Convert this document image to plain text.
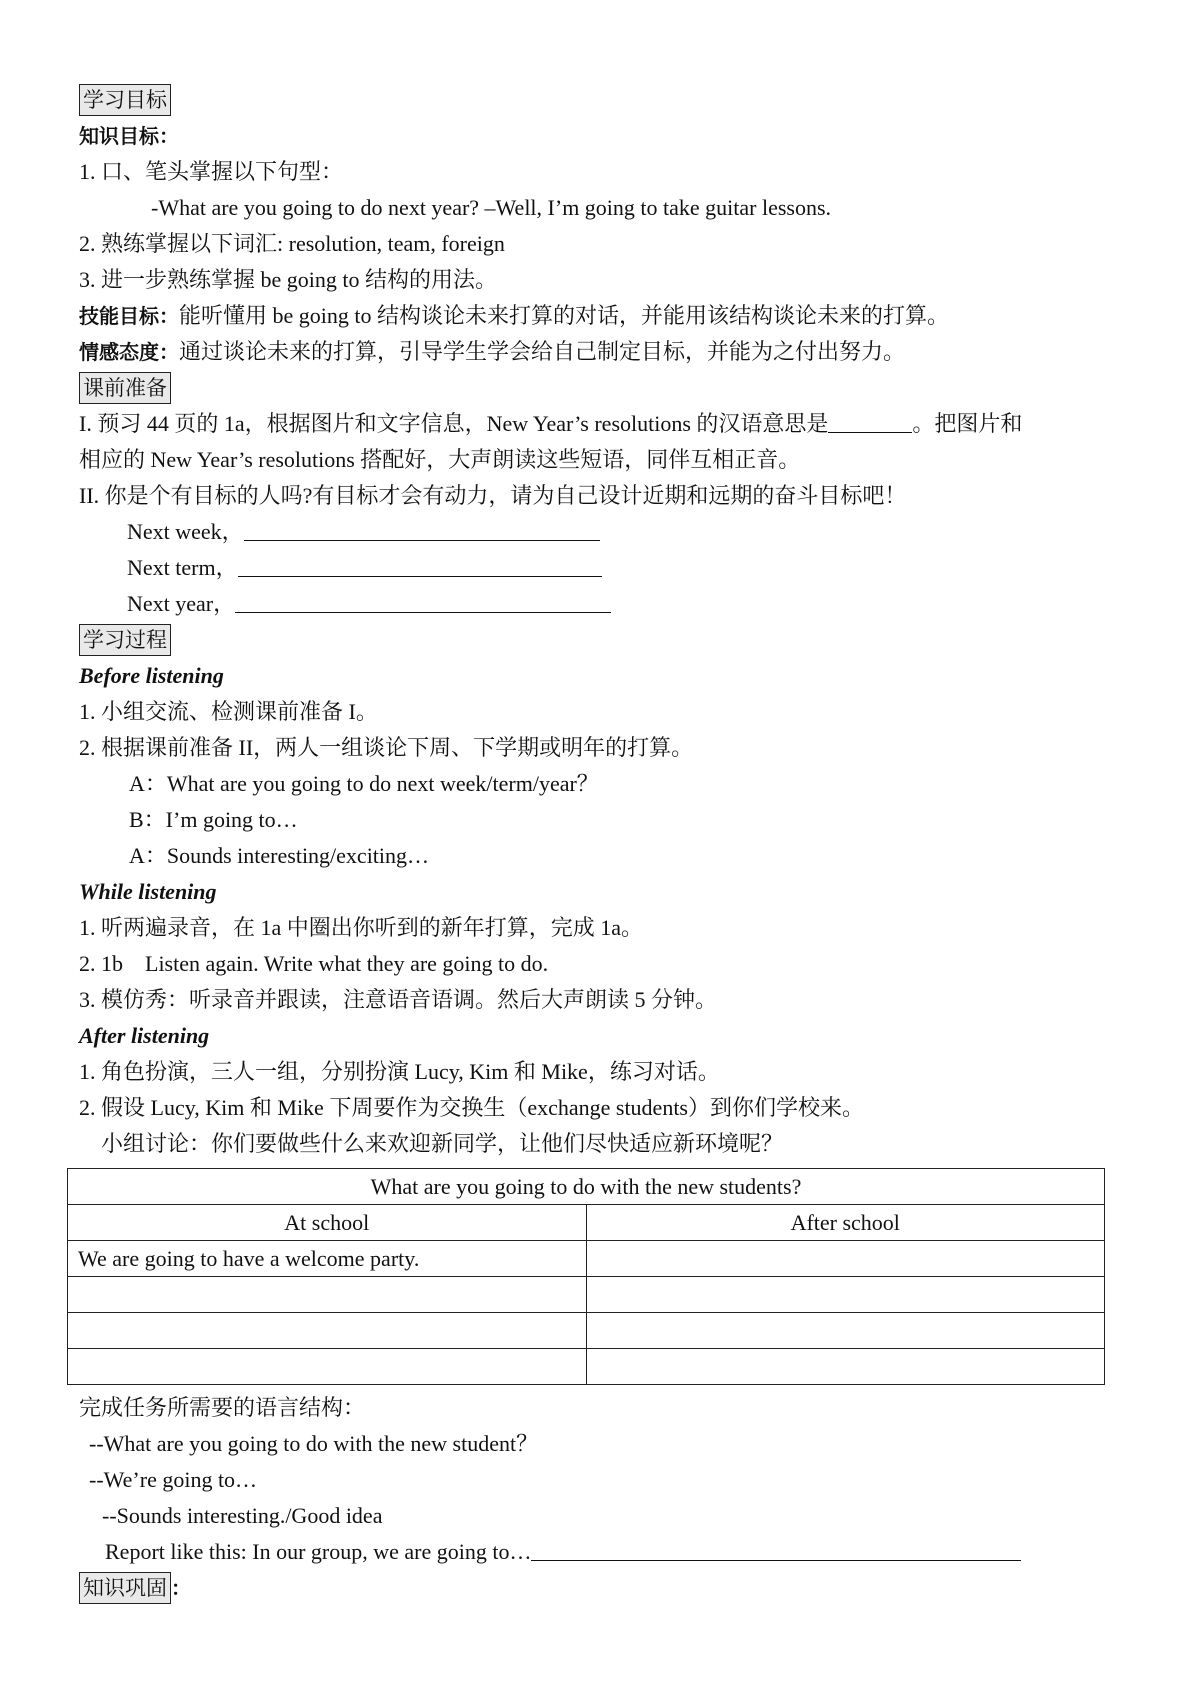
学习目标
知识目标：
1. 口、笔头掌握以下句型：
-What are you going to do next year? –Well, I’m going to take guitar lessons.
2. 熟练掌握以下词汇: resolution, team, foreign
3. 进一步熟练掌握 be going to 结构的用法。
技能目标：能听懂用 be going to 结构谈论未来打算的对话，并能用该结构谈论未来的打算。
情感态度：通过谈论未来的打算，引导学生学会给自己制定目标，并能为之付出努力。
课前准备
I. 预习 44 页的 1a，根据图片和文字信息，New Year’s resolutions 的汉语意思是	。把图片和
相应的 New Year’s resolutions 搭配好，大声朗读这些短语，同伴互相正音。
II. 你是个有目标的人吗?有目标才会有动力，请为自己设计近期和远期的奋斗目标吧！
Next week，
Next term，
Next year，
学习过程
Before listening
1. 小组交流、检测课前准备 I。
2. 根据课前准备 II，两人一组谈论下周、下学期或明年的打算。
A：What are you going to do next week/term/year？
B：I’m going to…
A：Sounds interesting/exciting…
While listening
1. 听两遍录音，在 1a 中圈出你听到的新年打算，完成 1a。
2. 1b    Listen again. Write what they are going to do.
3. 模仿秀：听录音并跟读，注意语音语调。然后大声朗读 5 分钟。
After listening
1. 角色扮演，三人一组，分别扮演 Lucy, Kim 和 Mike，练习对话。
2. 假设 Lucy, Kim 和 Mike 下周要作为交换生（exchange students）到你们学校来。
小组讨论：你们要做些什么来欢迎新同学，让他们尽快适应新环境呢？
What are you going to do with the new students?	
At school	After school
We are going to have a welcome party.	

完成任务所需要的语言结构：
--What are you going to do with the new student？
--We’re going to…
--Sounds interesting./Good idea
Report like this: In our group, we are going to…
知识巩固 ：
